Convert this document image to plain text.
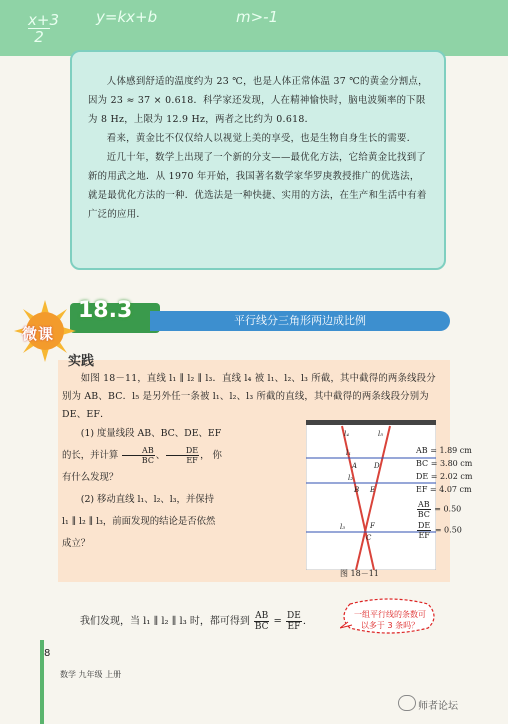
$\frac{x+3}{2}$	y=kx+b	m>-1

人体感到舒适的温度约为 23 ℃，也是人体正常体温 37 ℃的黄金分割点，因为 23 ≈ 37 × 0.618．科学家还发现，人在精神愉快时，脑电波频率的下限为 8 Hz，上限为 12.9 Hz，两者之比约为 0.618．

看来，黄金比不仅仅给人以视觉上美的享受，也是生物自身生长的需要．

近几十年，数学上出现了一个新的分支——最优化方法，它给黄金比找到了新的用武之地．从 1970 年开始，我国著名数学家华罗庚教授推广的优选法，就是最优化方法的一种．优选法是一种快捷、实用的方法，在生产和生活中有着广泛的应用．

18.3	平行线分三角形两边成比例
微课
实践

如图 18－11，直线 l₁ ∥ l₂ ∥ l₃．直线 l₄ 被 l₁、l₂、l₃ 所截，其中截得的两条线段分别为 AB、BC．l₅ 是另外任一条被 l₁、l₂、l₃ 所截的直线，其中截得的两条线段分别为 DE、EF．

(1) 度量线段 AB、BC、DE、EF 的长，并计算 $\frac{AB}{BC}$ 、 $\frac{DE}{EF}$ ， 你有什么发现？

(2) 移动直线 l₁、l₂、l₃，并保持 l₁ ∥ l₂ ∥ l₃，前面发现的结论是否依然成立？

l₄	l₅
l₁
l₂
l₃
A D
B E
C
F
AB = 1.89 cm
BC = 3.80 cm
DE = 2.02 cm
EF = 4.07 cm
$\frac{AB}{BC} = 0.50$
$\frac{DE}{EF} = 0.50$
图 18－11
我们发现，当 l₁ ∥ l₂ ∥ l₃ 时，都可得到 $\frac{AB}{BC} = \frac{DE}{EF}$ ．
一组平行线的条数可以多于 3 条吗？
8
数学 九年级 上册
师者论坛
